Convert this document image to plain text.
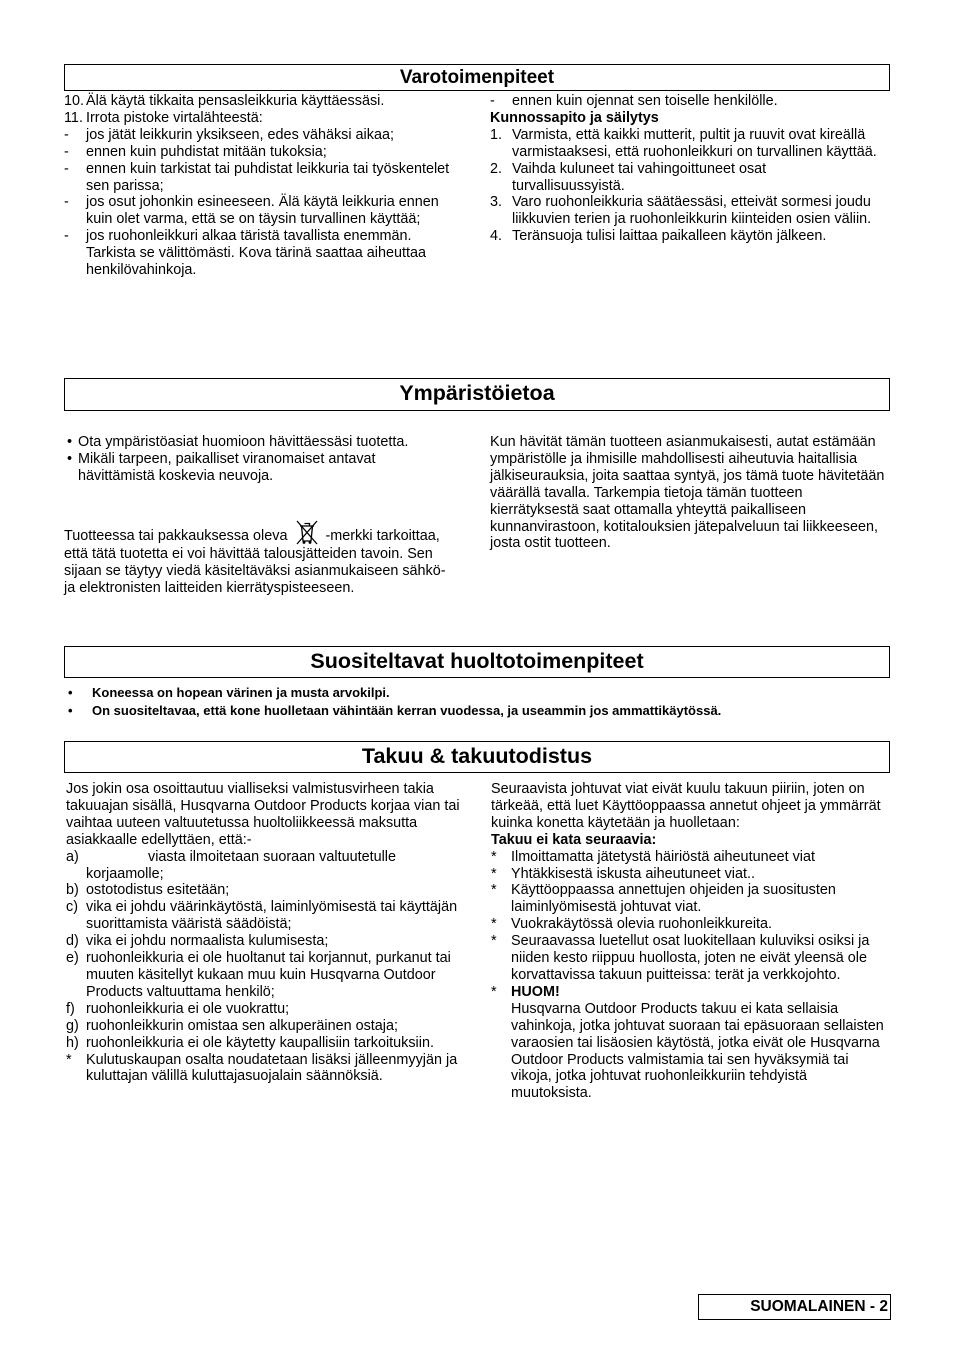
Varotoimenpiteet
10. Älä käytä tikkaita pensasleikkuria käyttäessäsi.
11. Irrota pistoke virtalähteestä:
- jos jätät leikkurin yksikseen, edes vähäksi aikaa;
- ennen kuin puhdistat mitään tukoksia;
- ennen kuin tarkistat tai puhdistat leikkuria tai työskentelet sen parissa;
- jos osut johonkin esineeseen. Älä käytä leikkuria ennen kuin olet varma, että se on täysin turvallinen käyttää;
- jos ruohonleikkuri alkaa täristä tavallista enemmän. Tarkista se välittömästi. Kova tärinä saattaa aiheuttaa henkilövahinkoja.
- ennen kuin ojennat sen toiselle henkilölle.

Kunnossapito ja säilytys

1. Varmista, että kaikki mutterit, pultit ja ruuvit ovat kireällä varmistaaksesi, että ruohonleikkuri on turvallinen käyttää.
2. Vaihda kuluneet tai vahingoittuneet osat turvallisuussyistä.
3. Varo ruohonleikkuria säätäessäsi, etteivät sormesi joudu liikkuvien terien ja ruohonleikkurin kiinteiden osien väliin.
4. Teränsuoja tulisi laittaa paikalleen käytön jälkeen.
Ympäristöietoa
• Ota ympäristöasiat huomioon hävittäessäsi tuotetta.
• Mikäli tarpeen, paikalliset viranomaiset antavat hävittämistä koskevia neuvoja.

Tuotteessa tai pakkauksessa oleva	-merkki tarkoittaa, että tätä tuotetta ei voi hävittää talousjätteiden tavoin. Sen sijaan se täytyy viedä käsiteltäväksi asianmukaiseen sähkö- ja elektronisten laitteiden kierrätyspisteeseen.

Kun hävität tämän tuotteen asianmukaisesti, autat estämään ympäristölle ja ihmisille mahdollisesti aiheutuvia haitallisia jälkiseurauksia, joita saattaa syntyä, jos tämä tuote hävitetään väärällä tavalla. Tarkempia tietoja tämän tuotteen kierrätyksestä saat ottamalla yhteyttä paikalliseen kunnanvirastoon, kotitalouksien jätepalveluun tai liikkeeseen, josta ostit tuotteen.

Suositeltavat huoltotoimenpiteet
• Koneessa on hopean värinen ja musta arvokilpi.
• On suositeltavaa, että kone huolletaan vähintään kerran vuodessa, ja useammin jos ammattikäytössä.
Takuu & takuutodistus

Jos jokin osa osoittautuu vialliseksi valmistusvirheen takia takuuajan sisällä, Husqvarna Outdoor Products korjaa vian tai vaihtaa uuteen valtuutetussa huoltoliikkeessä maksutta asiakkaalle edellyttäen, että:-

a)	viasta ilmoitetaan suoraan valtuutetulle korjaamolle;
b) ostotodistus esitetään;
c) vika ei johdu väärinkäytöstä, laiminlyömisestä tai käyttäjän suorittamista vääristä säädöistä;
d) vika ei johdu normaalista kulumisesta;
e) ruohonleikkuria ei ole huoltanut tai korjannut, purkanut tai muuten käsitellyt kukaan muu kuin Husqvarna Outdoor Products valtuuttama henkilö;
f) ruohonleikkuria ei ole vuokrattu;
g) ruohonleikkurin omistaa sen alkuperäinen ostaja;
h) ruohonleikkuria ei ole käytetty kaupallisiin tarkoituksiin.
* Kulutuskaupan osalta noudatetaan lisäksi jälleenmyyjän ja kuluttajan välillä kuluttajasuojalain säännöksiä.

Seuraavista johtuvat viat eivät kuulu takuun piiriin, joten on tärkeää, että luet Käyttöoppaassa annetut ohjeet ja ymmärrät kuinka konetta käytetään ja huolletaan:

Takuu ei kata seuraavia:

* Ilmoittamatta jätetystä häiriöstä aiheutuneet viat
* Yhtäkkisestä iskusta aiheutuneet viat..
* Käyttöoppaassa annettujen ohjeiden ja suositusten laiminlyömisestä johtuvat viat.
* Vuokrakäytössä olevia ruohonleikkureita.
* Seuraavassa luetellut osat luokitellaan kuluviksi osiksi ja niiden kesto riippuu huollosta, joten ne eivät yleensä ole korvattavissa takuun puitteissa: terät ja verkkojohto.
* HUOM!

Husqvarna Outdoor Products takuu ei kata sellaisia vahinkoja, jotka johtuvat suoraan tai epäsuoraan sellaisten varaosien tai lisäosien käytöstä, jotka eivät ole Husqvarna Outdoor Products valmistamia tai sen hyväksymiä tai vikoja, jotka johtuvat ruohonleikkuriin tehdyistä muutoksista.

SUOMALAINEN - 2
